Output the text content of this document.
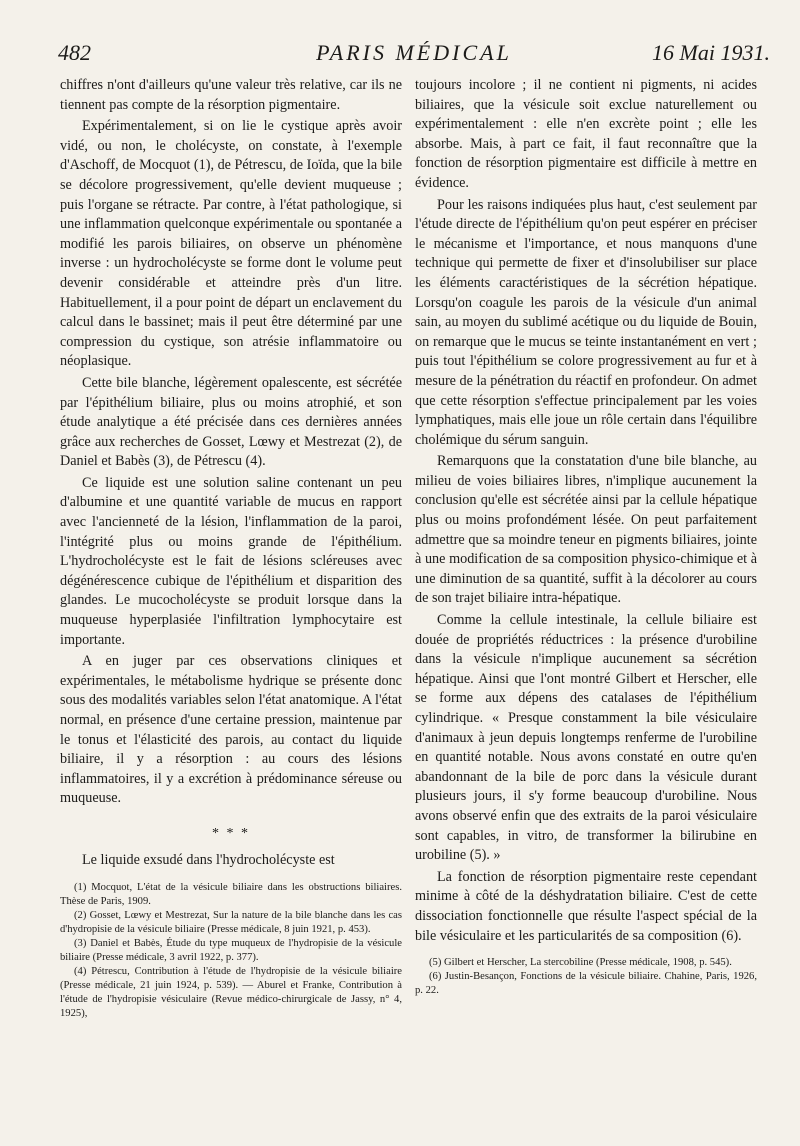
482	PARIS MÉDICAL	16 Mai 1931.

chiffres n'ont d'ailleurs qu'une valeur très relative, car ils ne tiennent pas compte de la résorption pigmentaire.

Expérimentalement, si on lie le cystique après avoir vidé, ou non, le cholécyste, on constate, à l'exemple d'Aschoff, de Mocquot (1), de Pétrescu, de Ioïda, que la bile se décolore progressivement, qu'elle devient muqueuse ; puis l'organe se rétracte. Par contre, à l'état pathologique, si une inflammation quelconque expérimentale ou spontanée a modifié les parois biliaires, on observe un phénomène inverse : un hydrocholécyste se forme dont le volume peut devenir considérable et atteindre près d'un litre. Habituellement, il a pour point de départ un enclavement du calcul dans le bassinet; mais il peut être déterminé par une compression du cystique, son atrésie inflammatoire ou néoplasique.

Cette bile blanche, légèrement opalescente, est sécrétée par l'épithélium biliaire, plus ou moins atrophié, et son étude analytique a été précisée dans ces dernières années grâce aux recherches de Gosset, Lœwy et Mestrezat (2), de Daniel et Babès (3), de Pétrescu (4).

Ce liquide est une solution saline contenant un peu d'albumine et une quantité variable de mucus en rapport avec l'ancienneté de la lésion, l'inflammation de la paroi, l'intégrité plus ou moins grande de l'épithélium. L'hydrocholécyste est le fait de lésions scléreuses avec dégénérescence cubique de l'épithélium et disparition des glandes. Le mucocholécyste se produit lorsque dans la muqueuse hyperplasiée l'infiltration lymphocytaire est importante.

A en juger par ces observations cliniques et expérimentales, le métabolisme hydrique se présente donc sous des modalités variables selon l'état anatomique. A l'état normal, en présence d'une certaine pression, maintenue par le tonus et l'élasticité des parois, au contact du liquide biliaire, il y a résorption : au cours des lésions inflammatoires, il y a excrétion à prédominance séreuse ou muqueuse.

* * *

Le liquide exsudé dans l'hydrocholécyste est

(1) Mocquot, L'état de la vésicule biliaire dans les obstructions biliaires. Thèse de Paris, 1909.

(2) Gosset, Lœwy et Mestrezat, Sur la nature de la bile blanche dans les cas d'hydropisie de la vésicule biliaire (Presse médicale, 8 juin 1921, p. 453).

(3) Daniel et Babès, Étude du type muqueux de l'hydropisie de la vésicule biliaire (Presse médicale, 3 avril 1922, p. 377).

(4) Pétrescu, Contribution à l'étude de l'hydropisie de la vésicule biliaire (Presse médicale, 21 juin 1924, p. 539). — Aburel et Franke, Contribution à l'étude de l'hydropisie vésiculaire (Revue médico-chirurgicale de Jassy, n° 4, 1925),

toujours incolore ; il ne contient ni pigments, ni acides biliaires, que la vésicule soit exclue naturellement ou expérimentalement : elle n'en excrète point ; elle les absorbe. Mais, à part ce fait, il faut reconnaître que la fonction de résorption pigmentaire est difficile à mettre en évidence.

Pour les raisons indiquées plus haut, c'est seulement par l'étude directe de l'épithélium qu'on peut espérer en préciser le mécanisme et l'importance, et nous manquons d'une technique qui permette de fixer et d'insolubiliser sur place les éléments caractéristiques de la sécrétion hépatique. Lorsqu'on coagule les parois de la vésicule d'un animal sain, au moyen du sublimé acétique ou du liquide de Bouin, on remarque que le mucus se teinte instantanément en vert ; puis tout l'épithélium se colore progressivement au fur et à mesure de la pénétration du réactif en profondeur. On admet que cette résorption s'effectue principalement par les voies lymphatiques, mais elle joue un rôle certain dans l'équilibre cholémique du sérum sanguin.

Remarquons que la constatation d'une bile blanche, au milieu de voies biliaires libres, n'implique aucunement la conclusion qu'elle est sécrétée ainsi par la cellule hépatique plus ou moins profondément lésée. On peut parfaitement admettre que sa moindre teneur en pigments biliaires, jointe à une modification de sa composition physico-chimique et à une diminution de sa quantité, suffit à la décolorer au cours de son trajet biliaire intra-hépatique.

Comme la cellule intestinale, la cellule biliaire est douée de propriétés réductrices : la présence d'urobiline dans la vésicule n'implique aucunement sa sécrétion hépatique. Ainsi que l'ont montré Gilbert et Herscher, elle se forme aux dépens des catalases de l'épithélium cylindrique. « Presque constamment la bile vésiculaire d'animaux à jeun depuis longtemps renferme de l'urobiline en quantité notable. Nous avons constaté en outre qu'en abandonnant de la bile de porc dans la vésicule durant plusieurs jours, il s'y forme beaucoup d'urobiline. Nous avons observé enfin que des extraits de la paroi vésiculaire sont capables, in vitro, de transformer la bilirubine en urobiline (5). »

La fonction de résorption pigmentaire reste cependant minime à côté de la déshydratation biliaire. C'est de cette dissociation fonctionnelle que résulte l'aspect spécial de la bile vésiculaire et les particularités de sa composition (6).

(5) Gilbert et Herscher, La stercobiline (Presse médicale, 1908, p. 545).

(6) Justin-Besançon, Fonctions de la vésicule biliaire. Chahine, Paris, 1926, p. 22.
